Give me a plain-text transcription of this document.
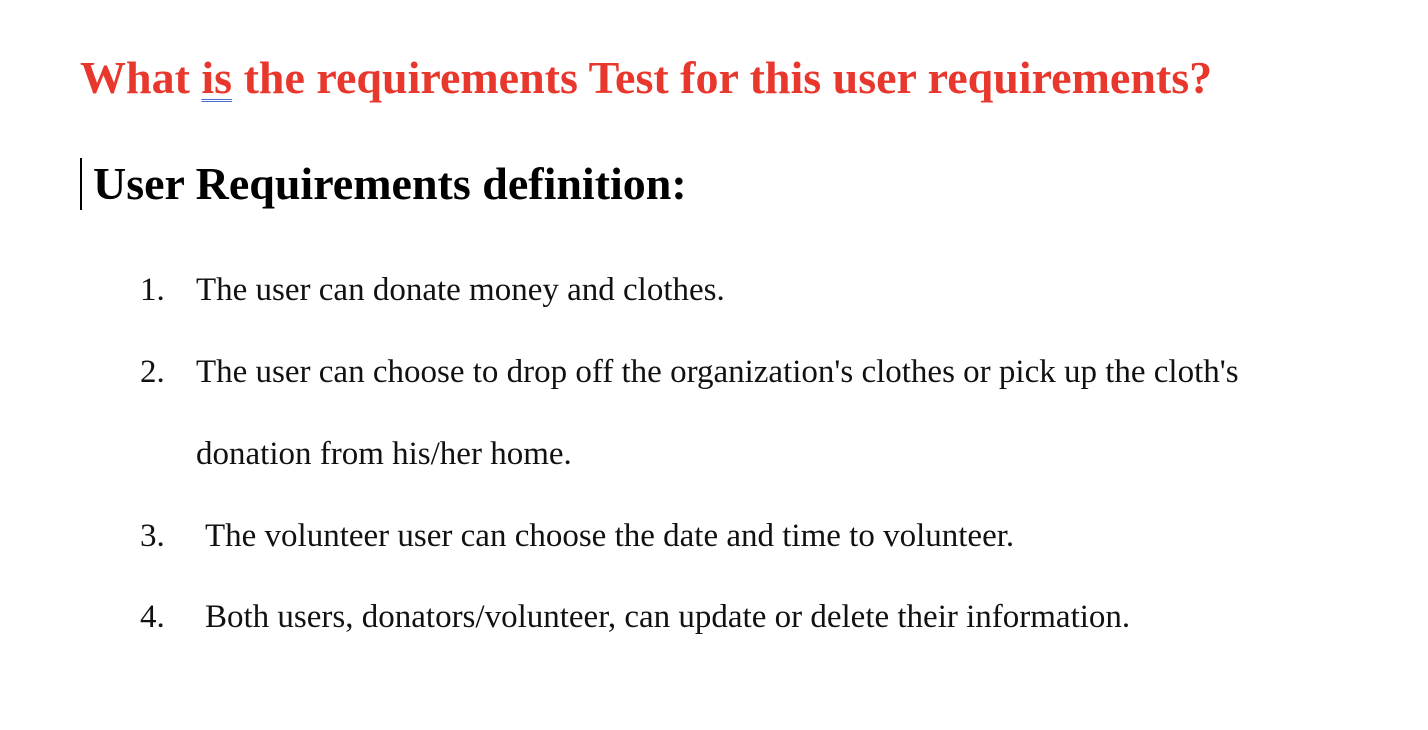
What is the requirements Test for this user requirements?
User Requirements definition:
1. The user can donate money and clothes.
2. The user can choose to drop off the organization's clothes or pick up the cloth's
donation from his/her home.
3. The volunteer user can choose the date and time to volunteer.
4. Both users, donators/volunteer, can update or delete their information.
